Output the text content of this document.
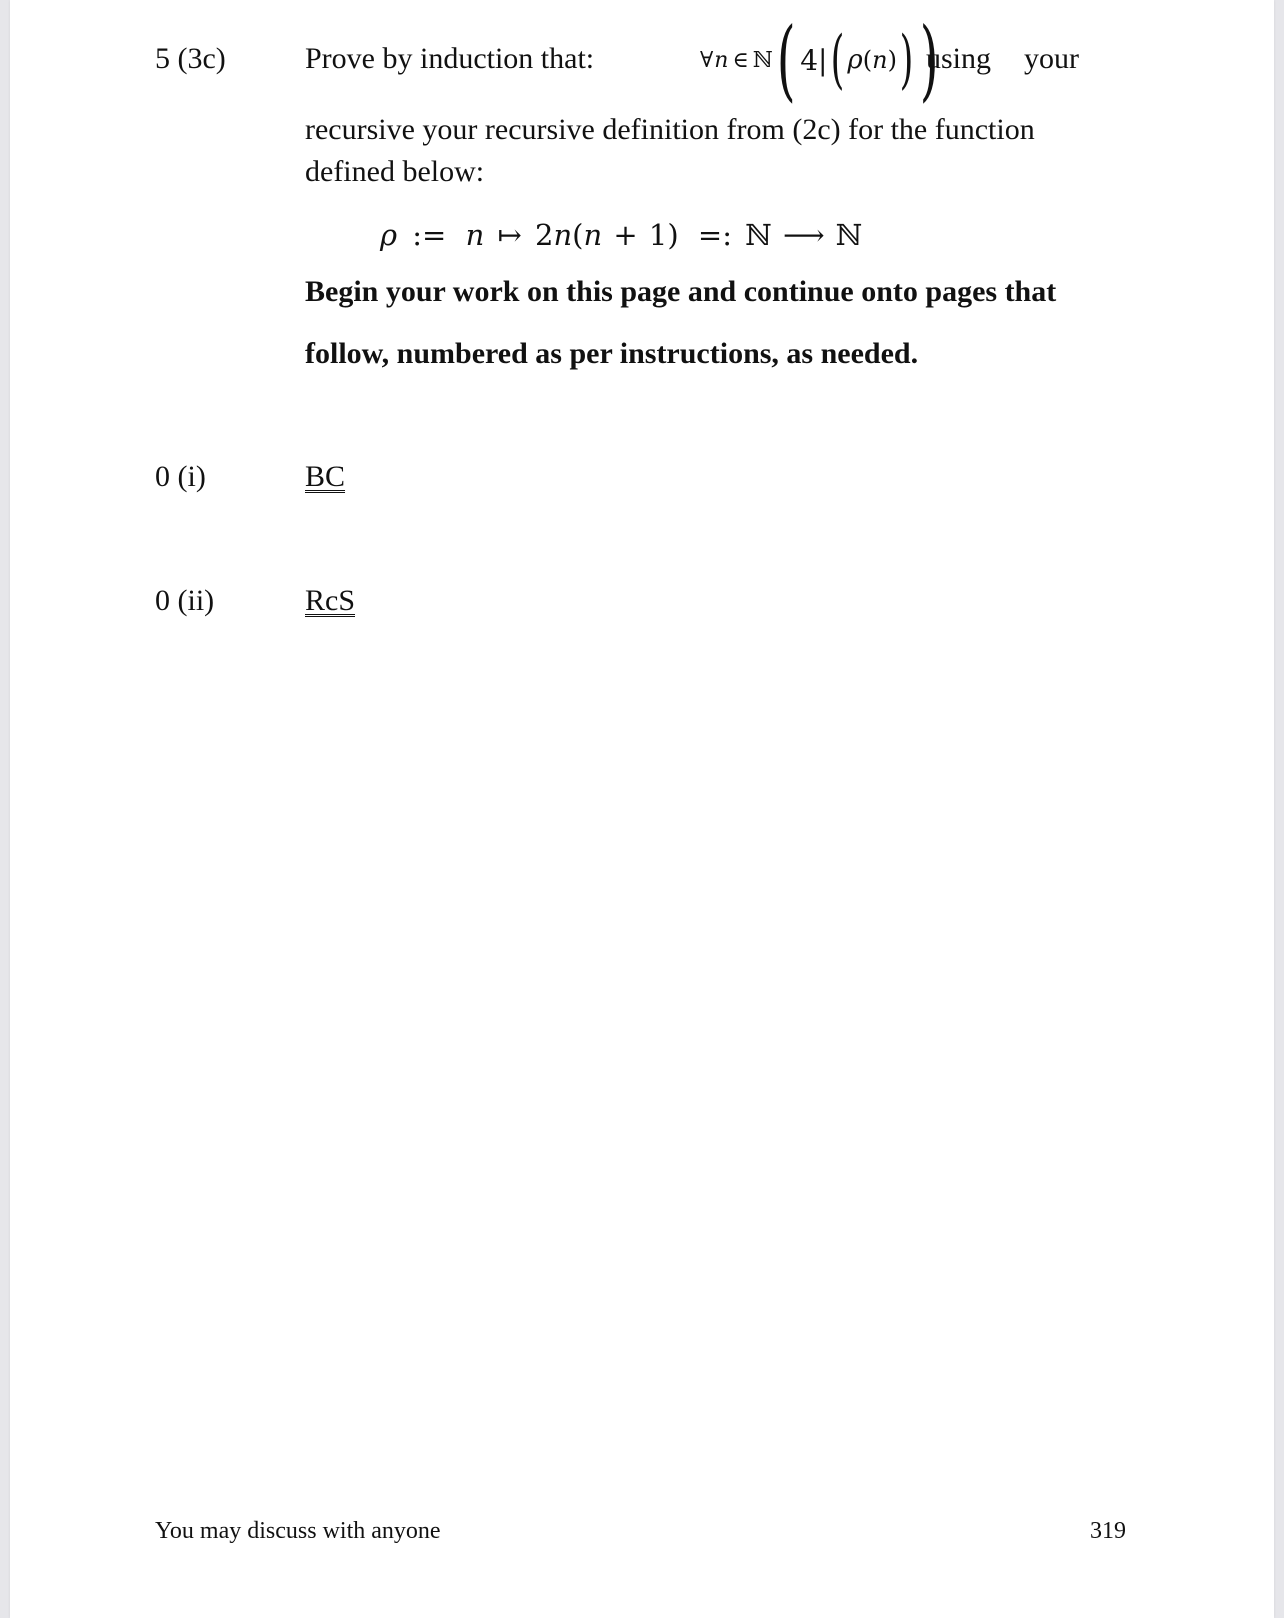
5 (3c)	Prove by induction that:	∀ n ∈ ℕ ( 4| ( ρ ( n ) ) )
using your
recursive your recursive definition from (2c) for the function
defined below:
ρ := n ↦ 2n(n + 1) =: ℕ ⟶ ℕ
Begin your work on this page and continue onto pages that
follow, numbered as per instructions, as needed.
0 (i)	BC
0 (ii)	RcS
You may discuss with anyone	319
